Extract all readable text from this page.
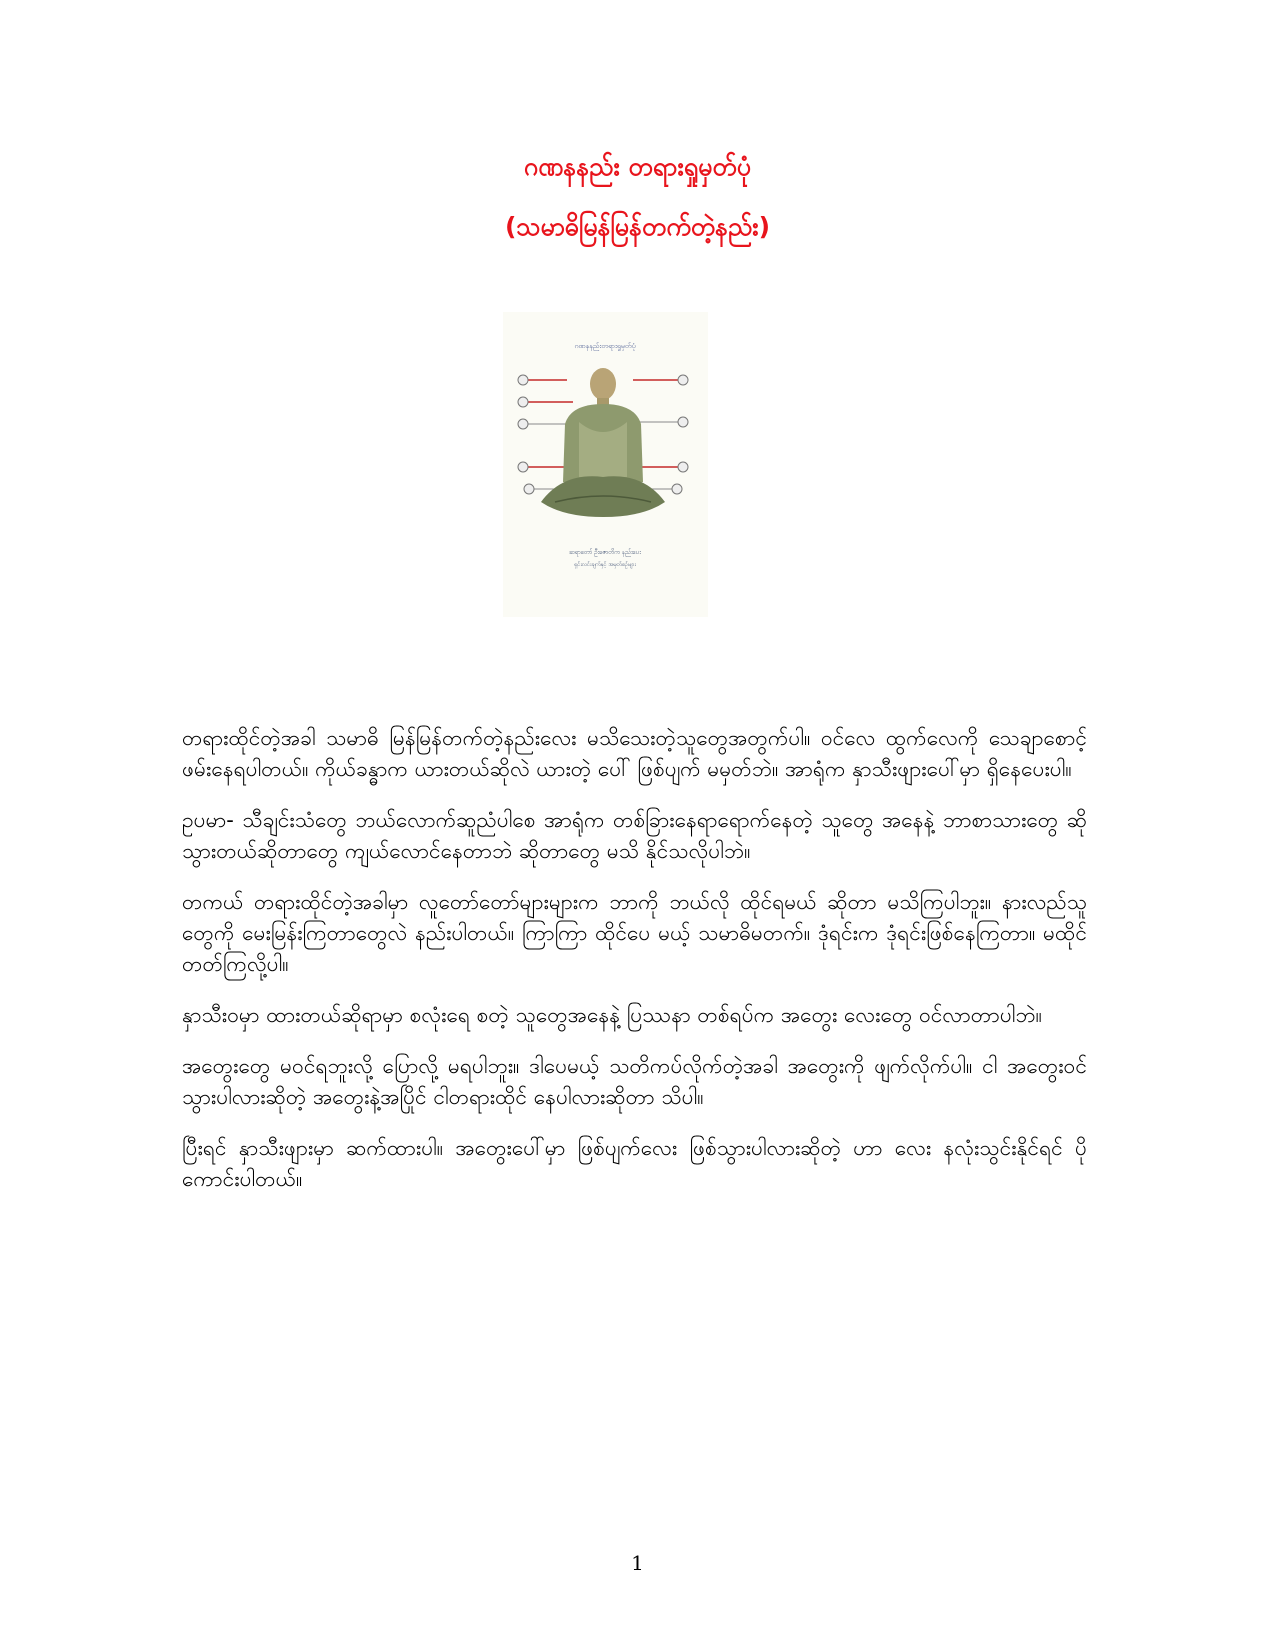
ဂဏနနည်း တရားရှုမှတ်ပုံ
(သမာဓိမြန်မြန်တက်တဲ့နည်း)
ဂဏနနည်းတရားရှုမှတ်ပုံ
ဆရာတော် ဦးဇောတိက နည်းပေး
ရှင်းလင်းချက်နှင့် အမှတ်စဉ်များ

တရားထိုင်တဲ့အခါ သမာဓိ မြန်မြန်တက်တဲ့နည်းလေး မသိသေးတဲ့သူတွေအတွက်ပါ။ ဝင်လေ ထွက်လေကို သေချာစောင့် ဖမ်းနေရပါတယ်။ ကိုယ်ခန္ဓာက ယားတယ်ဆိုလဲ ယားတဲ့ ပေါ် ဖြစ်ပျက် မမှတ်ဘဲ။ အာရုံက နှာသီးဖျားပေါ်မှာ ရှိနေပေးပါ။

ဥပမာ- သီချင်းသံတွေ ဘယ်လောက်ဆူညံပါစေ အာရုံက တစ်ခြားနေရာရောက်နေတဲ့ သူတွေ အနေနဲ့ ဘာစာသားတွေ ဆိုသွားတယ်ဆိုတာတွေ ကျယ်လောင်နေတာဘဲ ဆိုတာတွေ မသိ နိုင်သလိုပါဘဲ။

တကယ် တရားထိုင်တဲ့အခါမှာ လူတော်တော်များများက ဘာကို ဘယ်လို ထိုင်ရမယ် ဆိုတာ မသိကြပါဘူး။ နားလည်သူတွေကို မေးမြန်းကြတာတွေလဲ နည်းပါတယ်။ ကြာကြာ ထိုင်ပေ မယ့် သမာဓိမတက်။ ဒုံရင်းက ဒုံရင်းဖြစ်နေကြတာ။ မထိုင်တတ်ကြလို့ပါ။

နှာသီးဝမှာ ထားတယ်ဆိုရာမှာ စလုံးရေ စတဲ့ သူတွေအနေနဲ့ ပြဿနာ တစ်ရပ်က အတွေး လေးတွေ ဝင်လာတာပါဘဲ။

အတွေးတွေ မဝင်ရဘူးလို့ ပြောလို့ မရပါဘူး။ ဒါပေမယ့် သတိကပ်လိုက်တဲ့အခါ အတွေးကို ဖျက်လိုက်ပါ။ ငါ အတွေးဝင်သွားပါလားဆိုတဲ့ အတွေးနဲ့အပြိုင် ငါတရားထိုင် နေပါလားဆိုတာ သိပါ။

ပြီးရင် နှာသီးဖျားမှာ ဆက်ထားပါ။ အတွေးပေါ်မှာ ဖြစ်ပျက်လေး ဖြစ်သွားပါလားဆိုတဲ့ ဟာ လေး နလုံးသွင်းနိုင်ရင် ပိုကောင်းပါတယ်။

1
